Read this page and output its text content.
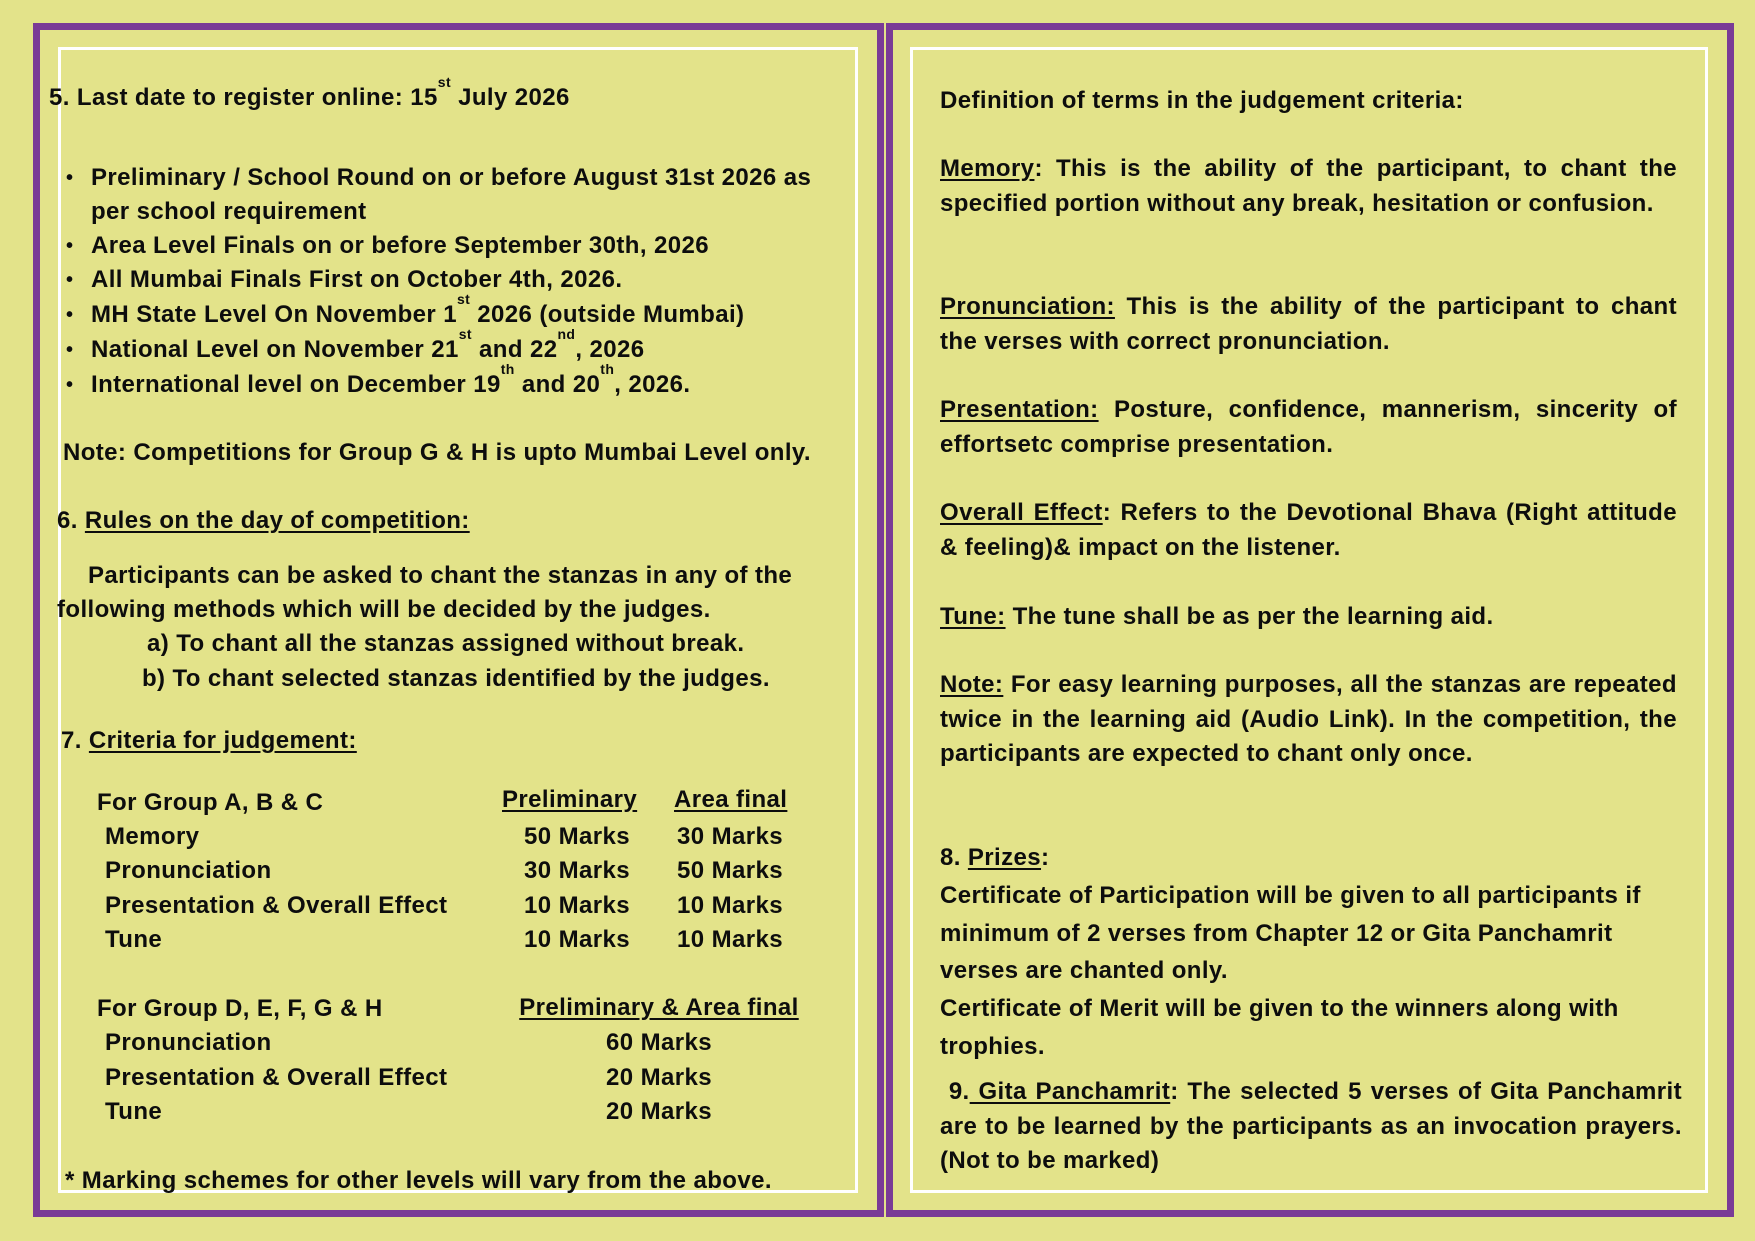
5. Last date to register online: 15st July 2026
• Preliminary / School Round on or before August 31st 2026 as
per school requirement
• Area Level Finals on or before September 30th, 2026
• All Mumbai Finals First on October 4th, 2026.
• MH State Level On November 1st 2026 (outside Mumbai)
• National Level on November 21st and 22nd, 2026
• International level on December 19th and 20th, 2026.
Note: Competitions for Group G & H is upto Mumbai Level only.
6. Rules on the day of competition:
Participants can be asked to chant the stanzas in any of the
following methods which will be decided by the judges.
a) To chant all the stanzas assigned without break.
b) To chant selected stanzas identified by the judges.
7. Criteria for judgement:
For Group A, B & C	Preliminary Area final
Memory	50 Marks 30 Marks
Pronunciation	30 Marks 50 Marks
Presentation & Overall Effect	10 Marks 10 Marks
Tune	10 Marks 10 Marks
For Group D, E, F, G & H	Preliminary & Area final
Pronunciation	60 Marks
Presentation & Overall Effect	20 Marks
Tune	20 Marks
* Marking schemes for other levels will vary from the above.
Definition of terms in the judgement criteria:
Memory: This is the ability of the participant, to chant the specified portion without any break, hesitation or confusion.
Pronunciation: This is the ability of the participant to chant the verses with correct pronunciation.
Presentation: Posture, confidence, mannerism, sincerity of effortsetc comprise presentation.
Overall Effect: Refers to the Devotional Bhava (Right attitude & feeling)& impact on the listener.
Tune: The tune shall be as per the learning aid.
Note: For easy learning purposes, all the stanzas are repeated twice in the learning aid (Audio Link). In the competition, the participants are expected to chant only once.
8. Prizes:
Certificate of Participation will be given to all participants if minimum of 2 verses from Chapter 12 or Gita Panchamrit verses are chanted only.
Certificate of Merit will be given to the winners along with trophies.
9. Gita Panchamrit: The selected 5 verses of Gita Panchamrit are to be learned by the participants as an invocation prayers. (Not to be marked)
